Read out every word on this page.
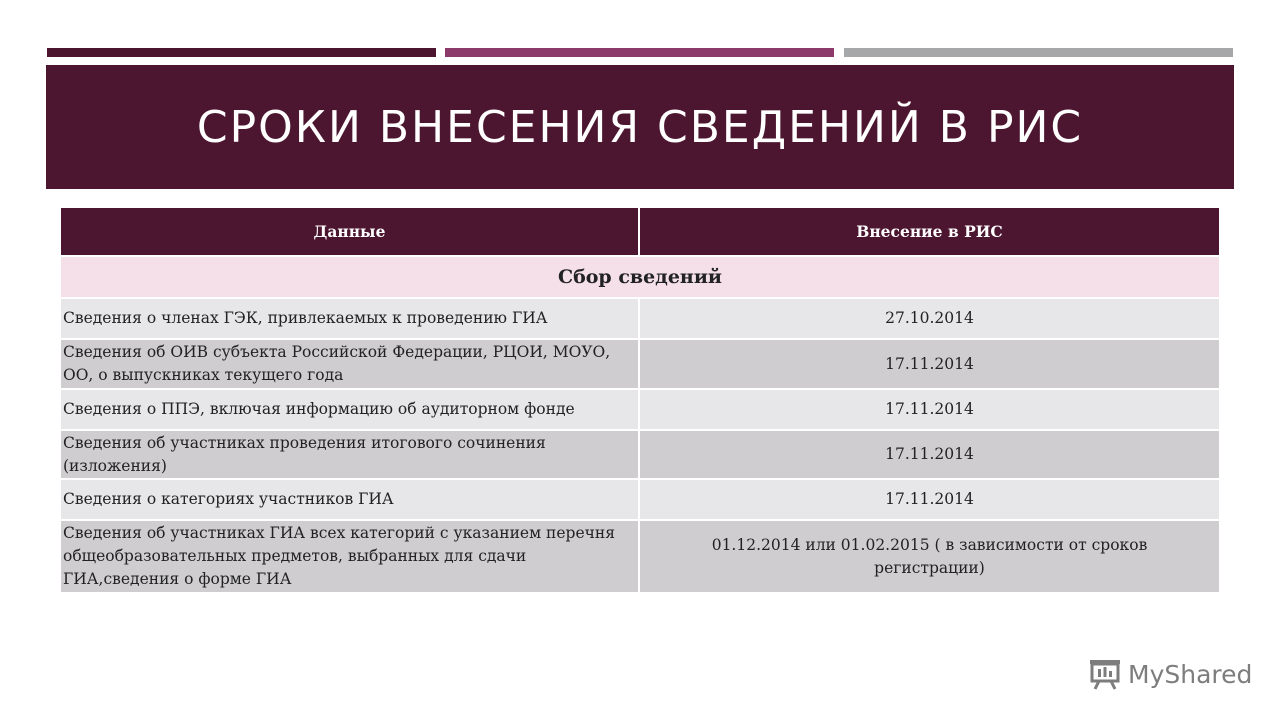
СРОКИ ВНЕСЕНИЯ СВЕДЕНИЙ В РИС
Данные	Внесение в РИС
Сбор сведений	
Сведения о членах ГЭК, привлекаемых к проведению ГИА	27.10.2014
Сведения об ОИВ субъекта Российской Федерации, РЦОИ, МОУО, ОО, о выпускниках текущего года	17.11.2014
Сведения о ППЭ, включая информацию об аудиторном фонде	17.11.2014
Сведения об участниках проведения итогового сочинения (изложения)	17.11.2014
Сведения о категориях участников ГИА	17.11.2014
Сведения об участниках ГИА всех категорий с указанием перечня общеобразовательных предметов, выбранных для сдачи ГИА,сведения о форме ГИА	01.12.2014 или 01.02.2015 ( в зависимости от сроков регистрации)
MyShared
